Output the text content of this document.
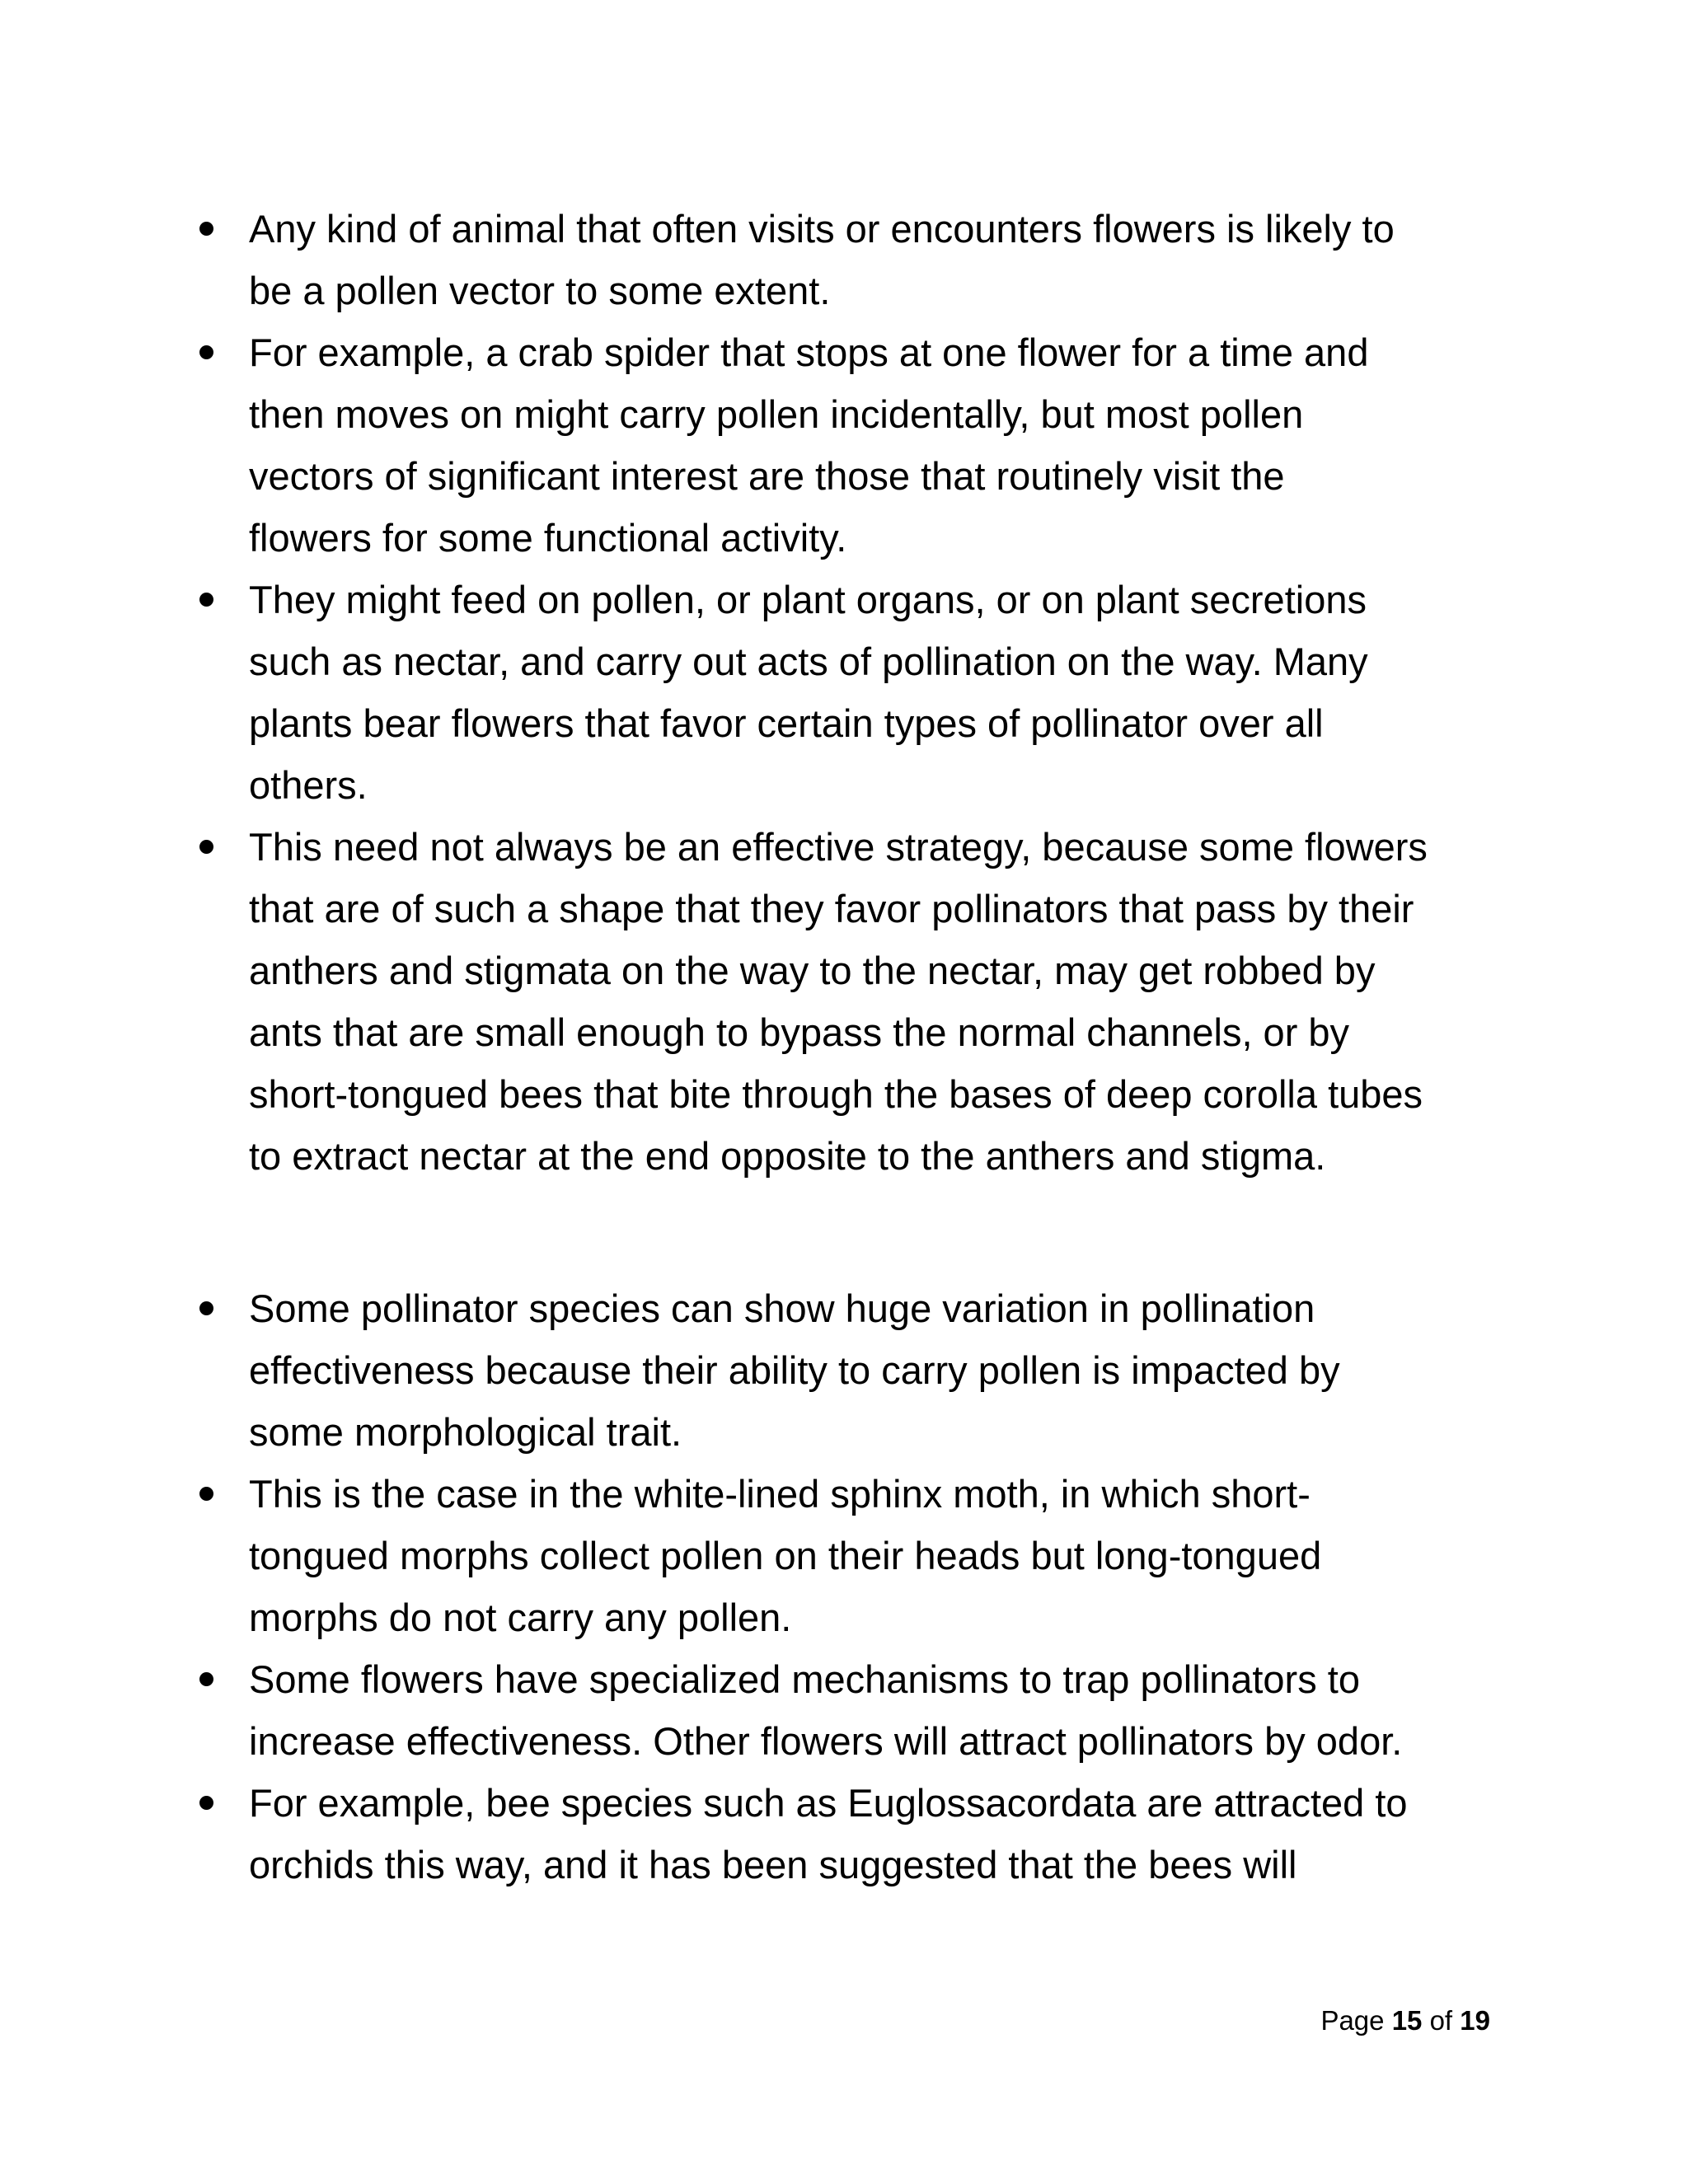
Any kind of animal that often visits or encounters flowers is likely to
be a pollen vector to some extent.
For example, a crab spider that stops at one flower for a time and
then moves on might carry pollen incidentally, but most pollen
vectors of significant interest are those that routinely visit the
flowers for some functional activity.
They might feed on pollen, or plant organs, or on plant secretions
such as nectar, and carry out acts of pollination on the way. Many
plants bear flowers that favor certain types of pollinator over all
others.
This need not always be an effective strategy, because some flowers
that are of such a shape that they favor pollinators that pass by their
anthers and stigmata on the way to the nectar, may get robbed by
ants that are small enough to bypass the normal channels, or by
short-tongued bees that bite through the bases of deep corolla tubes
to extract nectar at the end opposite to the anthers and stigma.
Some pollinator species can show huge variation in pollination
effectiveness because their ability to carry pollen is impacted by
some morphological trait.
This is the case in the white-lined sphinx moth, in which short-
tongued morphs collect pollen on their heads but long-tongued
morphs do not carry any pollen.
Some flowers have specialized mechanisms to trap pollinators to
increase effectiveness. Other flowers will attract pollinators by odor.
For example, bee species such as Euglossacordata are attracted to
orchids this way, and it has been suggested that the bees will
Page 15 of 19
